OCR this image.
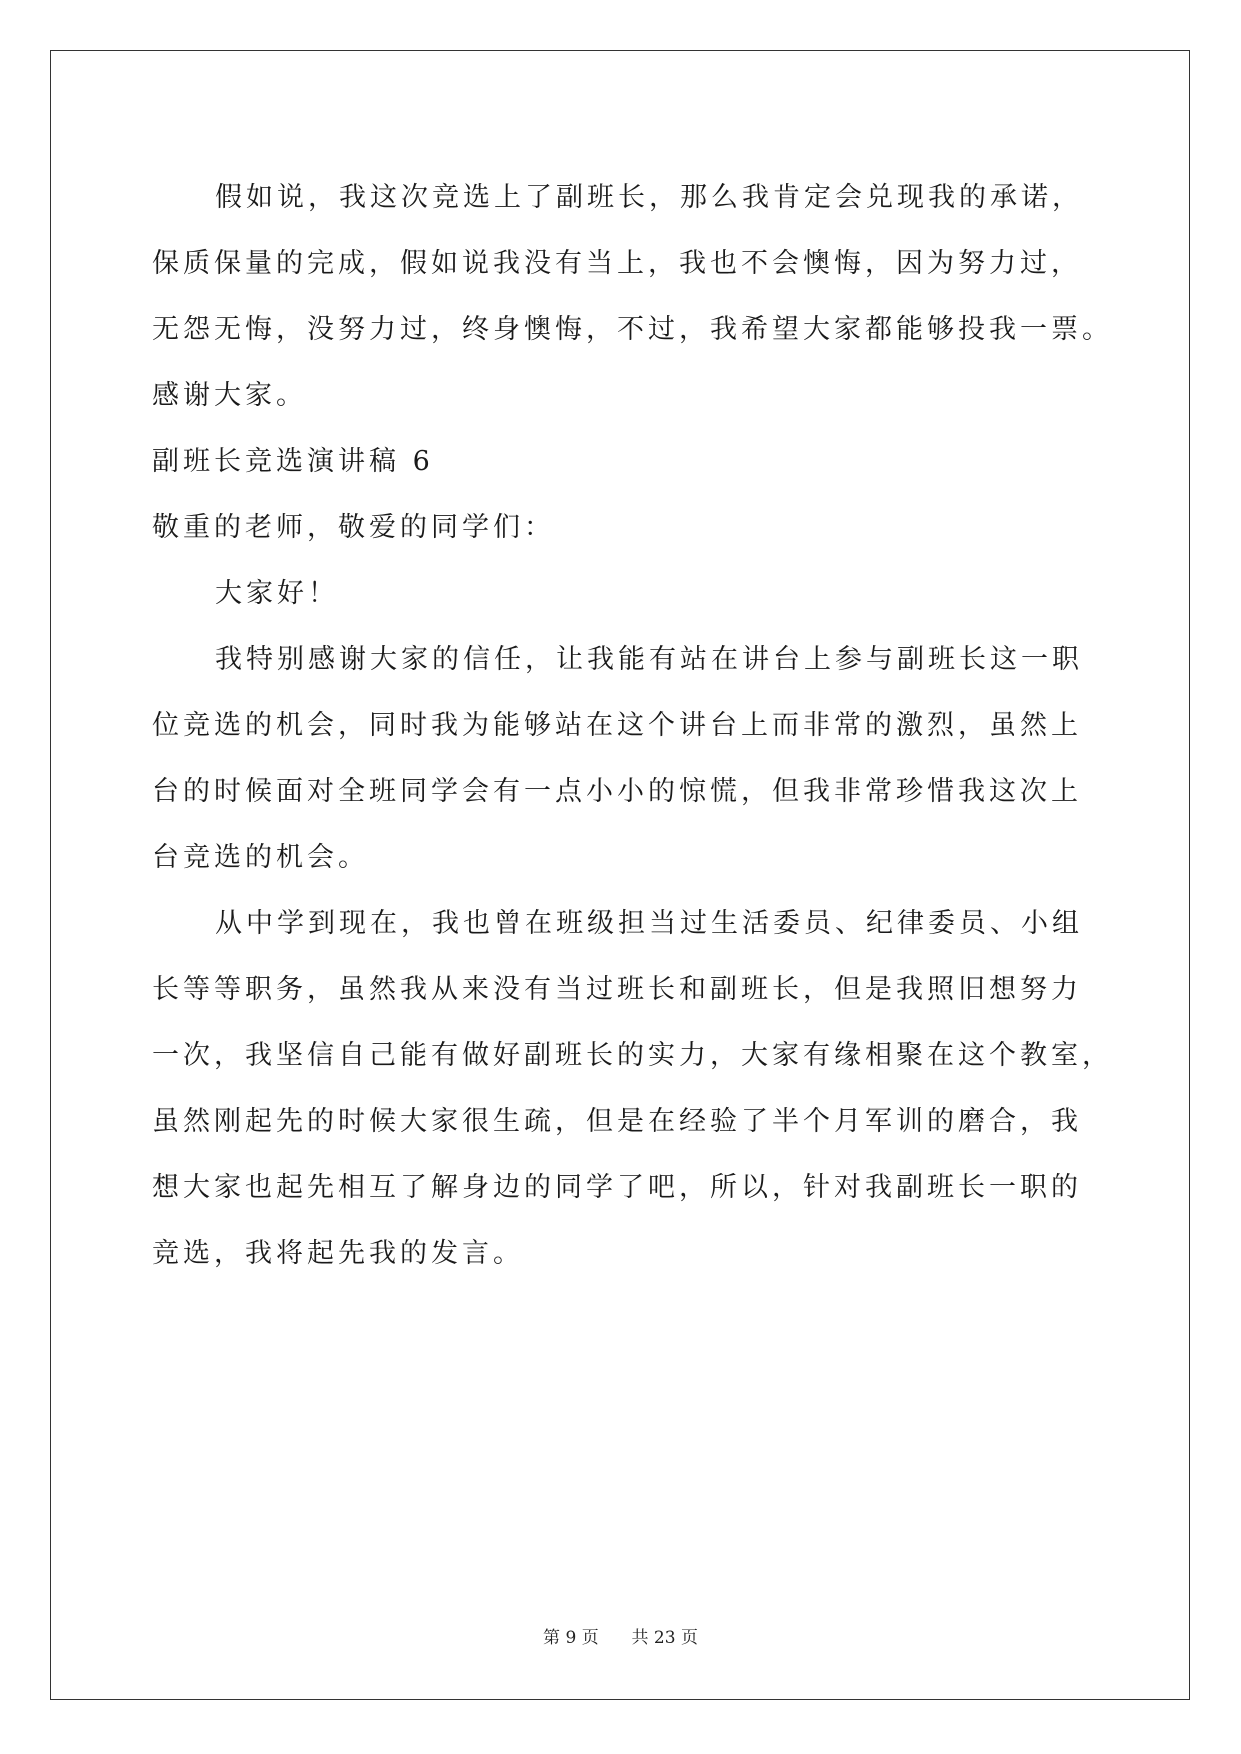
假如说，我这次竞选上了副班长，那么我肯定会兑现我的承诺，
保质保量的完成，假如说我没有当上，我也不会懊悔，因为努力过，
无怨无悔，没努力过，终身懊悔，不过，我希望大家都能够投我一票。
感谢大家。
副班长竞选演讲稿 6
敬重的老师，敬爱的同学们：
大家好！
我特别感谢大家的信任，让我能有站在讲台上参与副班长这一职
位竞选的机会，同时我为能够站在这个讲台上而非常的激烈，虽然上
台的时候面对全班同学会有一点小小的惊慌，但我非常珍惜我这次上
台竞选的机会。
从中学到现在，我也曾在班级担当过生活委员、纪律委员、小组
长等等职务，虽然我从来没有当过班长和副班长，但是我照旧想努力
一次，我坚信自己能有做好副班长的实力，大家有缘相聚在这个教室，
虽然刚起先的时候大家很生疏，但是在经验了半个月军训的磨合，我
想大家也起先相互了解身边的同学了吧，所以，针对我副班长一职的
竞选，我将起先我的发言。
第 9 页 共 23 页
